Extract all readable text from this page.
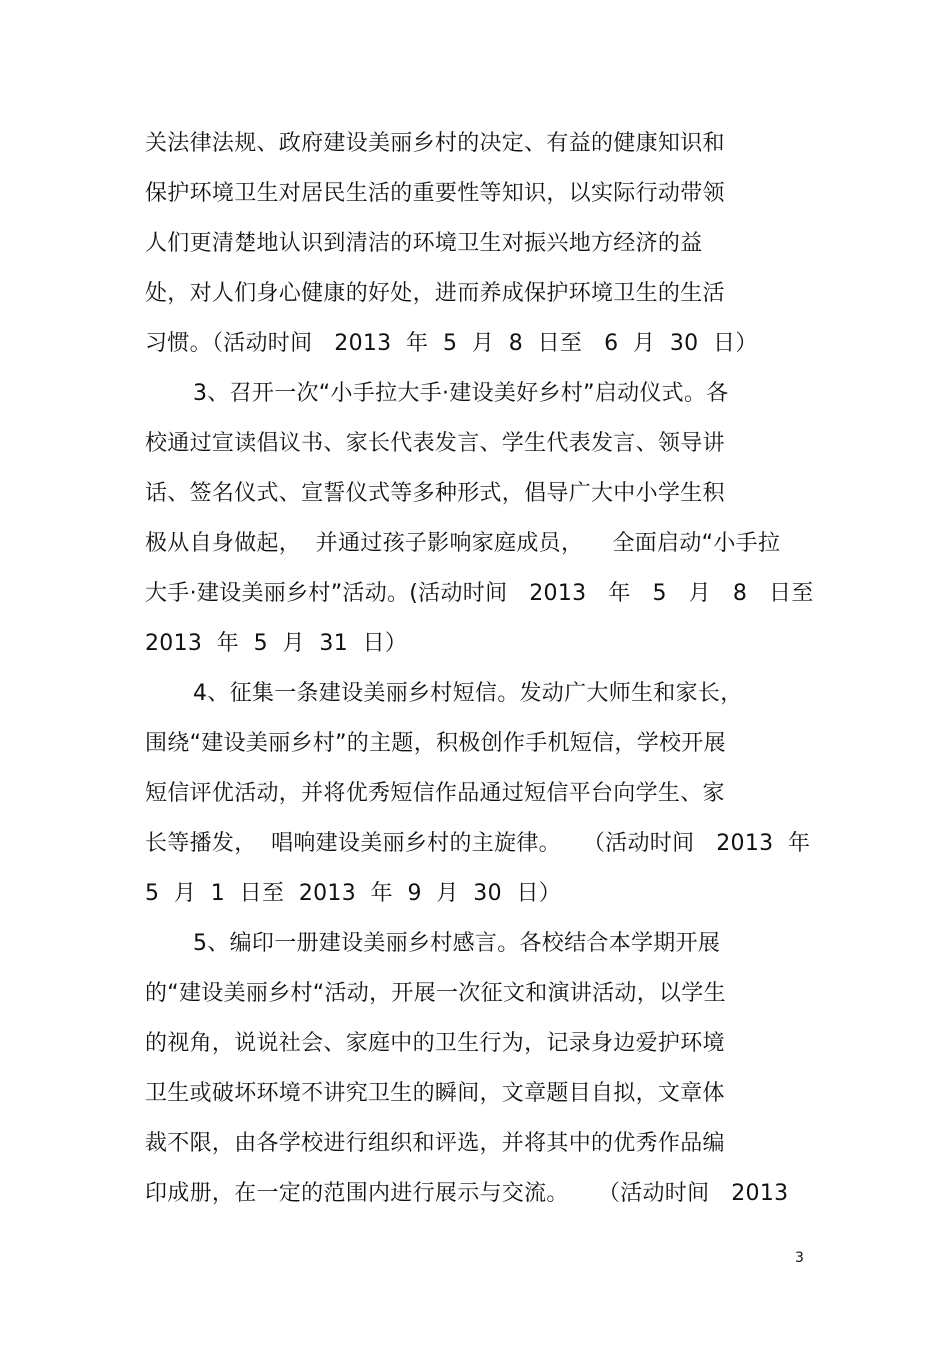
关法律法规、政府建设美丽乡村的决定、有益的健康知识和
保护环境卫生对居民生活的重要性等知识，以实际行动带领
人们更清楚地认识到清洁的环境卫生对振兴地方经济的益
处，对人们身心健康的好处，进而养成保护环境卫生的生活
习惯。（活动时间   2013  年  5  月  8  日至   6  月  30  日）
3、召开一次“小手拉大手·建设美好乡村”启动仪式。各
校通过宣读倡议书、家长代表发言、学生代表发言、领导讲
话、签名仪式、宣誓仪式等多种形式，倡导广大中小学生积
极从自身做起，  并通过孩子影响家庭成员，    全面启动“小手拉
大手·建设美丽乡村”活动。(活动时间   2013   年   5   月   8   日至
2013  年  5  月  31  日）
4、征集一条建设美丽乡村短信。发动广大师生和家长，
围绕“建设美丽乡村”的主题，积极创作手机短信，学校开展
短信评优活动，并将优秀短信作品通过短信平台向学生、家
长等播发，  唱响建设美丽乡村的主旋律。   （活动时间   2013  年
5  月  1  日至  2013  年  9  月  30  日）
5、编印一册建设美丽乡村感言。各校结合本学期开展
的“建设美丽乡村“活动，开展一次征文和演讲活动，以学生
的视角，说说社会、家庭中的卫生行为，记录身边爱护环境
卫生或破坏环境不讲究卫生的瞬间，文章题目自拟，文章体
裁不限，由各学校进行组织和评选，并将其中的优秀作品编
印成册，在一定的范围内进行展示与交流。    （活动时间   2013
3
